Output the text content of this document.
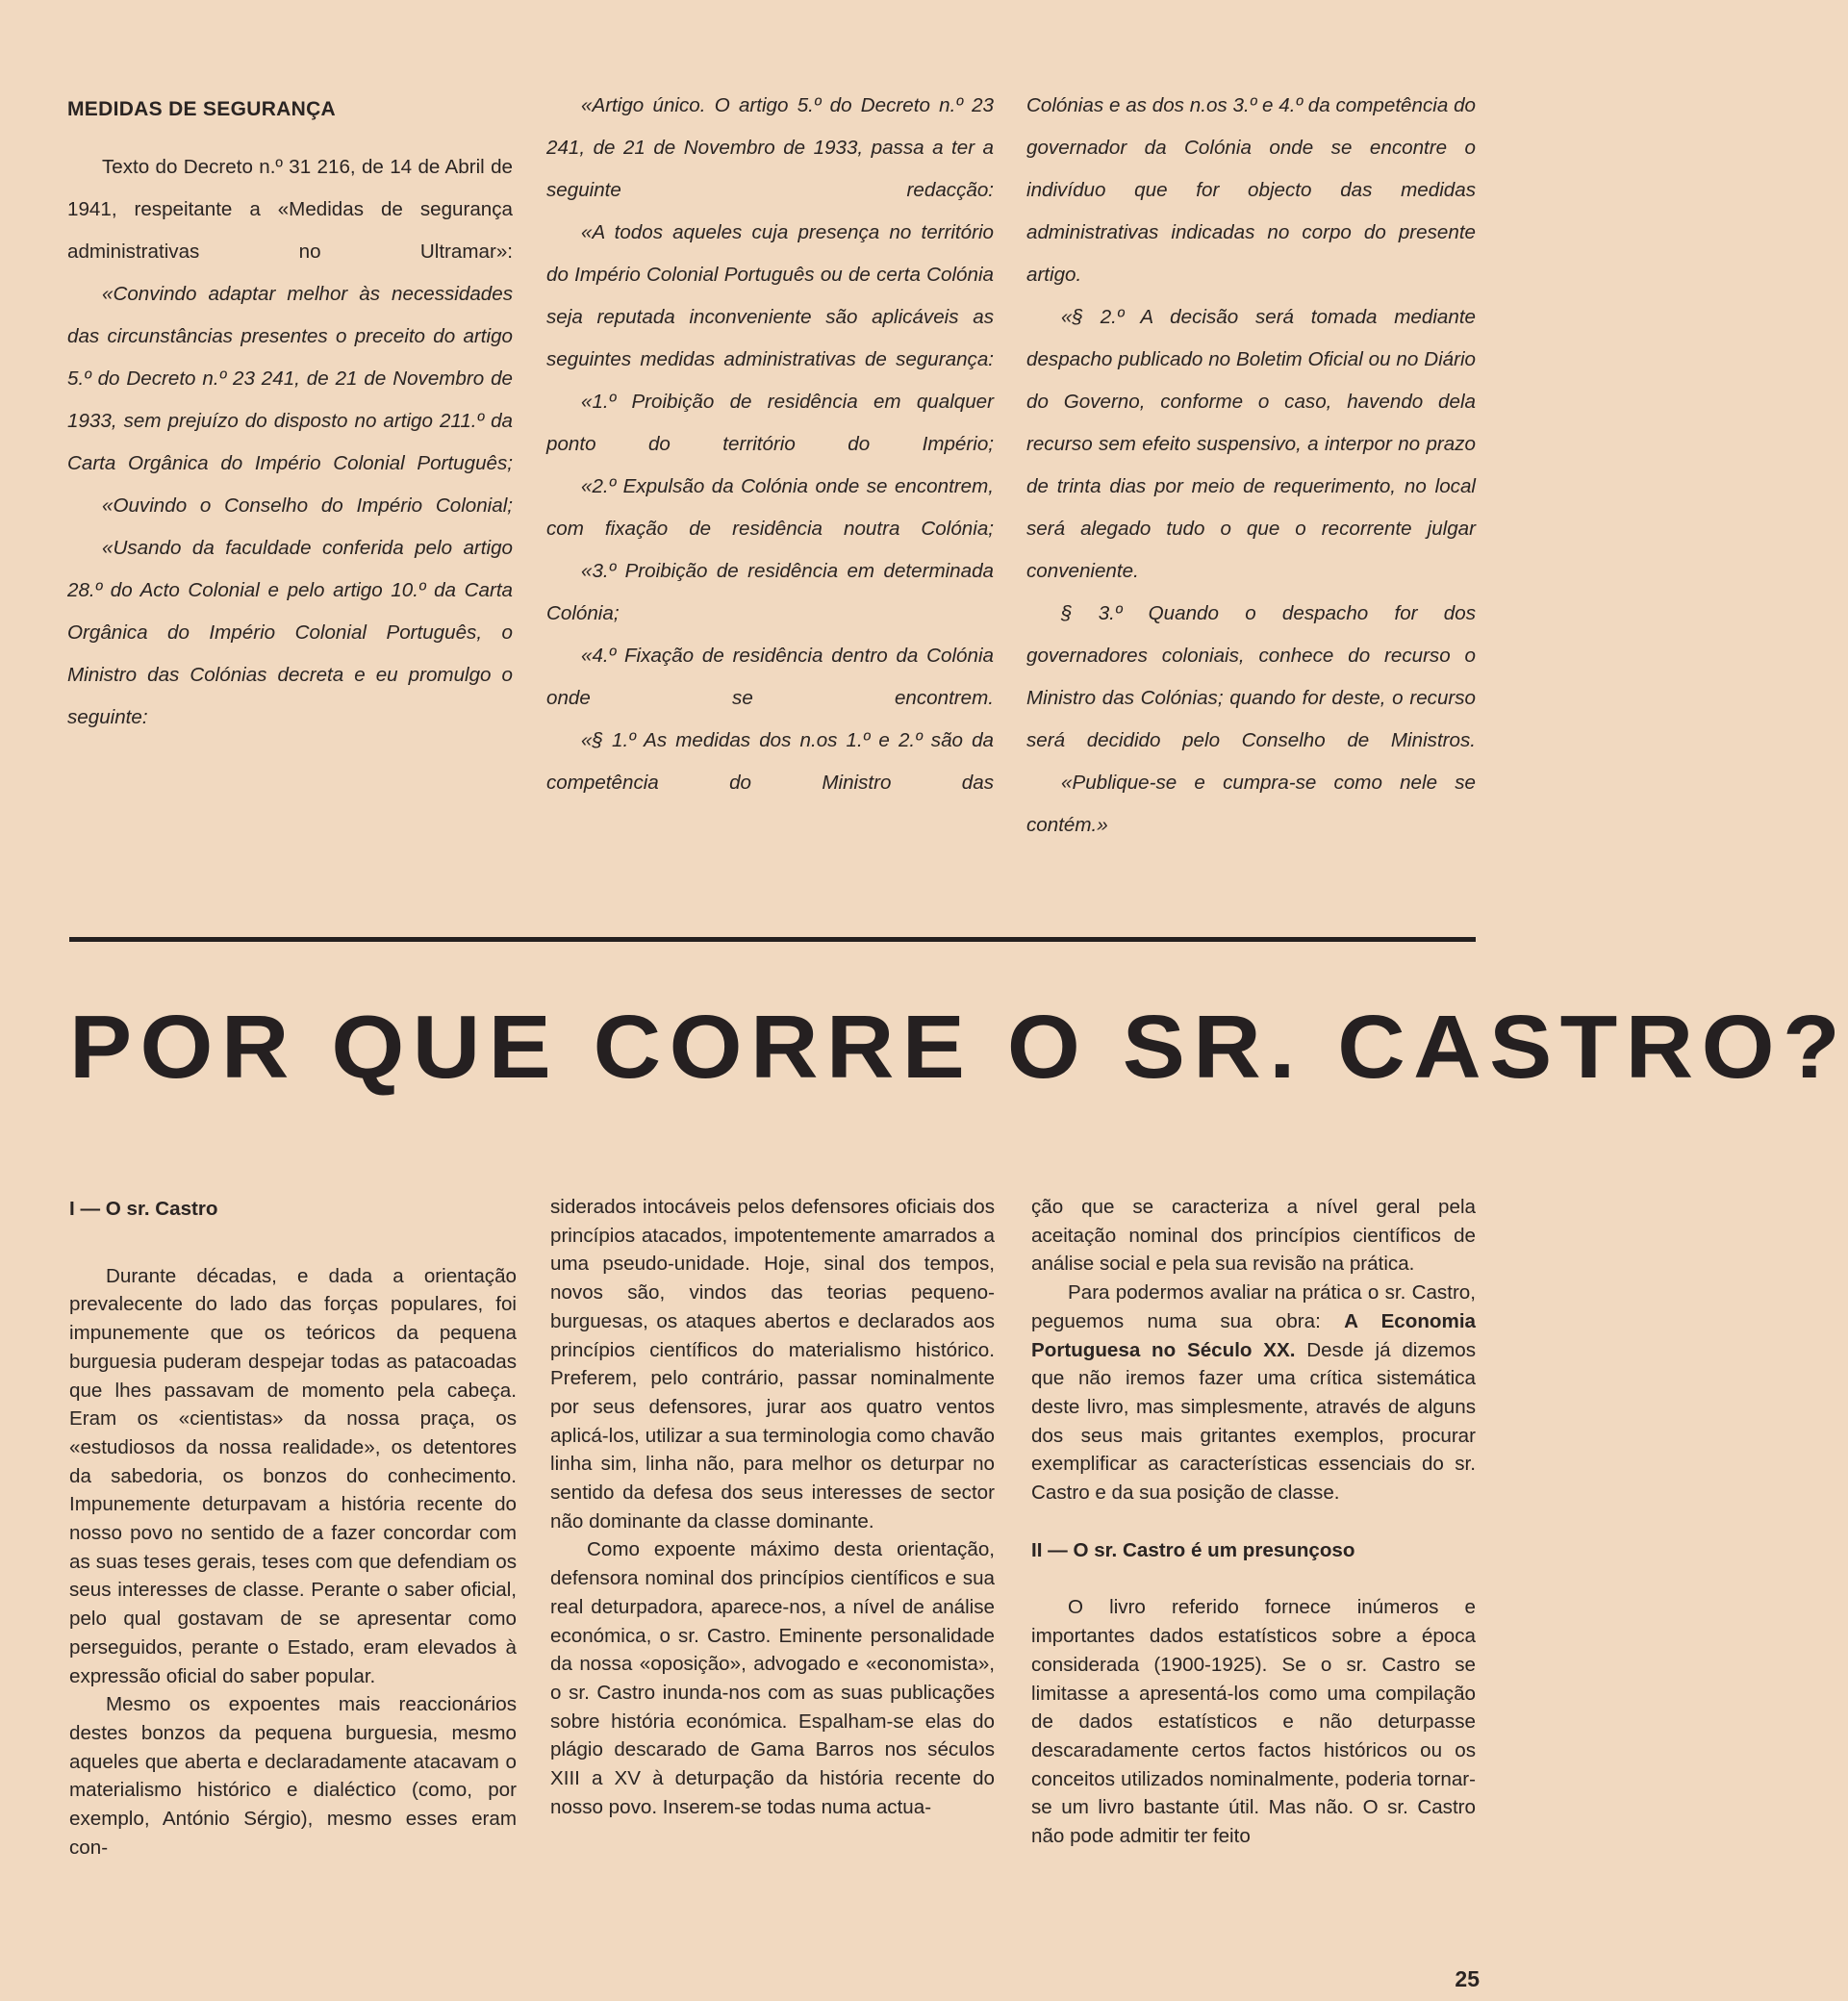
MEDIDAS DE SEGURANÇA

Texto do Decreto n.º 31 216, de 14 de Abril de 1941, respeitante a «Medidas de segurança administrativas no Ultramar»:

«Convindo adaptar melhor às necessidades das circunstâncias presentes o preceito do artigo 5.º do Decreto n.º 23 241, de 21 de Novembro de 1933, sem prejuízo do disposto no artigo 211.º da Carta Orgânica do Império Colonial Português;

«Ouvindo o Conselho do Império Colonial;

«Usando da faculdade conferida pelo artigo 28.º do Acto Colonial e pelo artigo 10.º da Carta Orgânica do Império Colonial Português, o Ministro das Colónias decreta e eu promulgo o seguinte:

«Artigo único. O artigo 5.º do Decreto n.º 23 241, de 21 de Novembro de 1933, passa a ter a seguinte redacção:

«A todos aqueles cuja presença no território do Império Colonial Português ou de certa Colónia seja reputada inconveniente são aplicáveis as seguintes medidas administrativas de segurança:

«1.º Proibição de residência em qualquer ponto do território do Império;

«2.º Expulsão da Colónia onde se encontrem, com fixação de residência noutra Colónia;

«3.º Proibição de residência em determinada Colónia;

«4.º Fixação de residência dentro da Colónia onde se encontrem.

«§ 1.º As medidas dos n.os 1.º e 2.º são da competência do Ministro das

Colónias e as dos n.os 3.º e 4.º da competência do governador da Colónia onde se encontre o indivíduo que for objecto das medidas administrativas indicadas no corpo do presente artigo.

«§ 2.º A decisão será tomada mediante despacho publicado no Boletim Oficial ou no Diário do Governo, conforme o caso, havendo dela recurso sem efeito suspensivo, a interpor no prazo de trinta dias por meio de requerimento, no local será alegado tudo o que o recorrente julgar conveniente.

§ 3.º Quando o despacho for dos governadores coloniais, conhece do recurso o Ministro das Colónias; quando for deste, o recurso será decidido pelo Conselho de Ministros.

«Publique-se e cumpra-se como nele se contém.»

POR QUE CORRE O SR. CASTRO?
I — O sr. Castro

Durante décadas, e dada a orientação prevalecente do lado das forças populares, foi impunemente que os teóricos da pequena burguesia puderam despejar todas as patacoadas que lhes passavam de momento pela cabeça. Eram os «cientistas» da nossa praça, os «estudiosos da nossa realidade», os detentores da sabedoria, os bonzos do conhecimento. Impunemente deturpavam a história recente do nosso povo no sentido de a fazer concordar com as suas teses gerais, teses com que defendiam os seus interesses de classe. Perante o saber oficial, pelo qual gostavam de se apresentar como perseguidos, perante o Estado, eram elevados à expressão oficial do saber popular.

Mesmo os expoentes mais reaccionários destes bonzos da pequena burguesia, mesmo aqueles que aberta e declaradamente atacavam o materialismo histórico e dialéctico (como, por exemplo, António Sérgio), mesmo esses eram con-

siderados intocáveis pelos defensores oficiais dos princípios atacados, impotentemente amarrados a uma pseudo-unidade. Hoje, sinal dos tempos, novos são, vindos das teorias pequeno-burguesas, os ataques abertos e declarados aos princípios científicos do materialismo histórico. Preferem, pelo contrário, passar nominalmente por seus defensores, jurar aos quatro ventos aplicá-los, utilizar a sua terminologia como chavão linha sim, linha não, para melhor os deturpar no sentido da defesa dos seus interesses de sector não dominante da classe dominante.

Como expoente máximo desta orientação, defensora nominal dos princípios científicos e sua real deturpadora, aparece-nos, a nível de análise económica, o sr. Castro. Eminente personalidade da nossa «oposição», advogado e «economista», o sr. Castro inunda-nos com as suas publicações sobre história económica. Espalham-se elas do plágio descarado de Gama Barros nos séculos XIII a XV à deturpação da história recente do nosso povo. Inserem-se todas numa actua-

ção que se caracteriza a nível geral pela aceitação nominal dos princípios científicos de análise social e pela sua revisão na prática.

Para podermos avaliar na prática o sr. Castro, peguemos numa sua obra: A Economia Portuguesa no Século XX. Desde já dizemos que não iremos fazer uma crítica sistemática deste livro, mas simplesmente, através de alguns dos seus mais gritantes exemplos, procurar exemplificar as características essenciais do sr. Castro e da sua posição de classe.

II — O sr. Castro é um presunçoso

O livro referido fornece inúmeros e importantes dados estatísticos sobre a época considerada (1900-1925). Se o sr. Castro se limitasse a apresentá-los como uma compilação de dados estatísticos e não deturpasse descaradamente certos factos históricos ou os conceitos utilizados nominalmente, poderia tornar-se um livro bastante útil. Mas não. O sr. Castro não pode admitir ter feito

25
